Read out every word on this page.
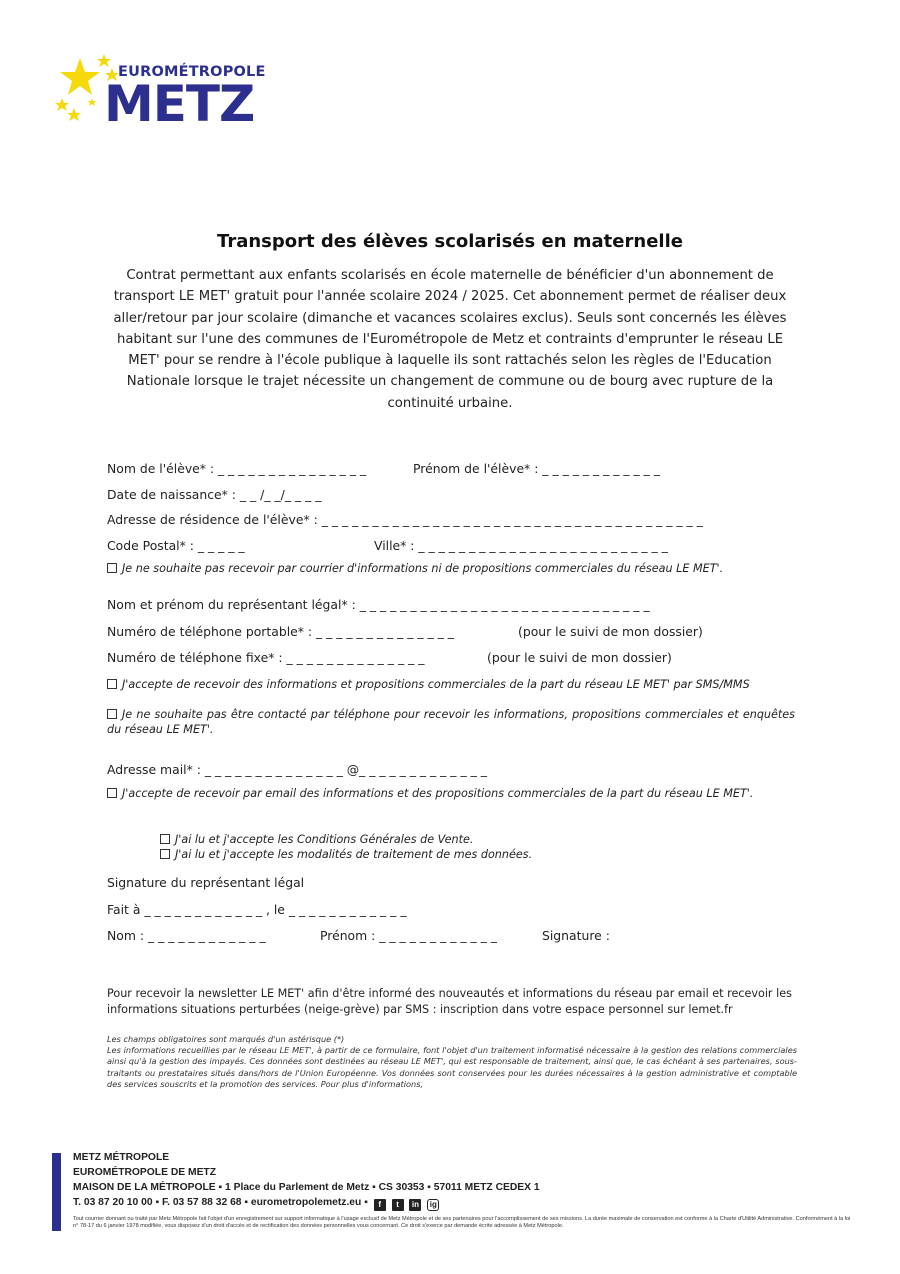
EUROMÉTROPOLE
METZ
Transport des élèves scolarisés en maternelle
Contrat permettant aux enfants scolarisés en école maternelle de bénéficier d'un abonnement de transport LE MET' gratuit pour l'année scolaire 2024 / 2025. Cet abonnement permet de réaliser deux aller/retour par jour scolaire (dimanche et vacances scolaires exclus). Seuls sont concernés les élèves habitant sur l'une des communes de l'Eurométropole de Metz et contraints d'emprunter le réseau LE MET' pour se rendre à l'école publique à laquelle ils sont rattachés selon les règles de l'Education Nationale lorsque le trajet nécessite un changement de commune ou de bourg avec rupture de la continuité urbaine.
Nom de l'élève* : _ _ _ _ _ _ _ _ _ _ _ _ _ _ _	Prénom de l'élève* : _ _ _ _ _ _ _ _ _ _ _ _
Date de naissance* : _ _ /_ _/_ _ _ _
Adresse de résidence de l'élève* : _ _ _ _ _ _ _ _ _ _ _ _ _ _ _ _ _ _ _ _ _ _ _ _ _ _ _ _ _ _ _ _ _ _ _ _ _ _
Code Postal* : _ _ _ _ _	Ville* : _ _ _ _ _ _ _ _ _ _ _ _ _ _ _ _ _ _ _ _ _ _ _ _ _
Je ne souhaite pas recevoir par courrier d'informations ni de propositions commerciales du réseau LE MET'.
Nom et prénom du représentant légal* : _ _ _ _ _ _ _ _ _ _ _ _ _ _ _ _ _ _ _ _ _ _ _ _ _ _ _ _ _
Numéro de téléphone portable* : _ _ _ _ _ _ _ _ _ _ _ _ _ _	(pour le suivi de mon dossier)
Numéro de téléphone fixe* : _ _ _ _ _ _ _ _ _ _ _ _ _ _	(pour le suivi de mon dossier)
J'accepte de recevoir des informations et propositions commerciales de la part du réseau LE MET' par SMS/MMS
Je ne souhaite pas être contacté par téléphone pour recevoir les informations, propositions commerciales et enquêtes du réseau LE MET'.
Adresse mail* : _ _ _ _ _ _ _ _ _ _ _ _ _ _ @_ _ _ _ _ _ _ _ _ _ _ _ _
J'accepte de recevoir par email des informations et des propositions commerciales de la part du réseau LE MET'.
J'ai lu et j'accepte les Conditions Générales de Vente.
J'ai lu et j'accepte les modalités de traitement de mes données.
Signature du représentant légal
Fait à _ _ _ _ _ _ _ _ _ _ _ _ , le _ _ _ _ _ _ _ _ _ _ _ _
Nom : _ _ _ _ _ _ _ _ _ _ _ _	Prénom : _ _ _ _ _ _ _ _ _ _ _ _	Signature :
Pour recevoir la newsletter LE MET' afin d'être informé des nouveautés et informations du réseau par email et recevoir les informations situations perturbées (neige-grève) par SMS : inscription dans votre espace personnel sur lemet.fr
Les champs obligatoires sont marqués d'un astérisque (*)
Les informations recueillies par le réseau LE MET', à partir de ce formulaire, font l'objet d'un traitement informatisé nécessaire à la gestion des relations commerciales ainsi qu'à la gestion des impayés. Ces données sont destinées au réseau LE MET', qui est responsable de traitement, ainsi que, le cas échéant à ses partenaires, sous-traitants ou prestataires situés dans/hors de l'Union Européenne. Vos données sont conservées pour les durées nécessaires à la gestion administrative et comptable des services souscrits et la promotion des services. Pour plus d'informations,
METZ MÉTROPOLE
EUROMÉTROPOLE DE METZ
MAISON DE LA MÉTROPOLE ▪ 1 Place du Parlement de Metz ▪ CS 30353 ▪ 57011 METZ CEDEX 1
T. 03 87 20 10 00 ▪ F. 03 57 88 32 68 ▪ eurometropolemetz.eu ▪ f t in ig
Tout courrier donnant ou traité par Metz Métropole fait l'objet d'un enregistrement sur support informatique à l'usage exclusif de Metz Métropole et de ses partenaires pour l'accomplissement de ses missions. La durée maximale de conservation est conforme à la Charte d'Utilité Administrative. Conformément à la loi n° 78-17 du 6 janvier 1978 modifiée, vous disposez d'un droit d'accès et de rectification des données personnelles vous concernant. Ce droit s'exerce par demande écrite adressée à Metz Métropole.
